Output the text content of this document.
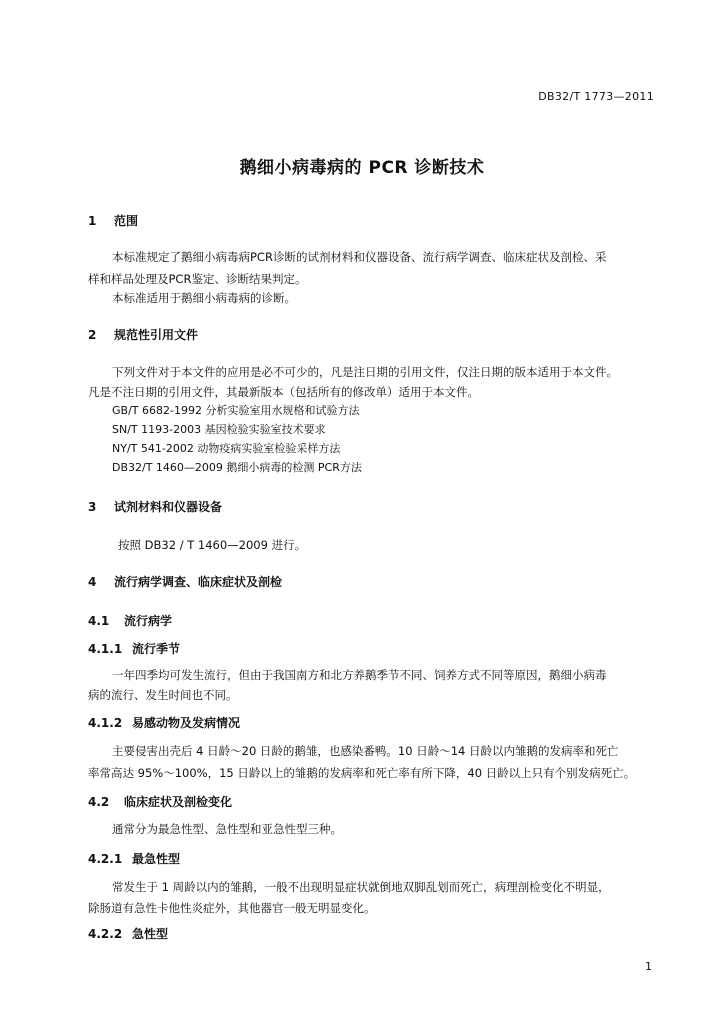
DB32/T 1773—2011
鹅细小病毒病的 PCR 诊断技术
1 范围
本标准规定了鹅细小病毒病PCR诊断的试剂材料和仪器设备、流行病学调查、临床症状及剖检、采
样和样品处理及PCR鉴定、诊断结果判定。
本标准适用于鹅细小病毒病的诊断。
2 规范性引用文件
下列文件对于本文件的应用是必不可少的，凡是注日期的引用文件，仅注日期的版本适用于本文件。
凡是不注日期的引用文件，其最新版本（包括所有的修改单）适用于本文件。
GB/T 6682-1992 分析实验室用水规格和试验方法
SN/T 1193-2003 基因检验实验室技术要求
NY/T 541-2002 动物疫病实验室检验采样方法
DB32/T 1460—2009 鹅细小病毒的检测 PCR方法
3 试剂材料和仪器设备
按照 DB32 / T 1460—2009 进行。
4 流行病学调查、临床症状及剖检
4.1 流行病学
4.1.1 流行季节
一年四季均可发生流行，但由于我国南方和北方养鹅季节不同、饲养方式不同等原因，鹅细小病毒
病的流行、发生时间也不同。
4.1.2 易感动物及发病情况
主要侵害出壳后 4 日龄～20 日龄的鹅雏，也感染番鸭。10 日龄～14 日龄以内雏鹅的发病率和死亡
率常高达 95%～100%，15 日龄以上的雏鹅的发病率和死亡率有所下降，40 日龄以上只有个别发病死亡。
4.2 临床症状及剖检变化
通常分为最急性型、急性型和亚急性型三种。
4.2.1 最急性型
常发生于 1 周龄以内的雏鹅，一般不出现明显症状就倒地双脚乱划而死亡，病理剖检变化不明显，
除肠道有急性卡他性炎症外，其他器官一般无明显变化。
4.2.2 急性型
1
